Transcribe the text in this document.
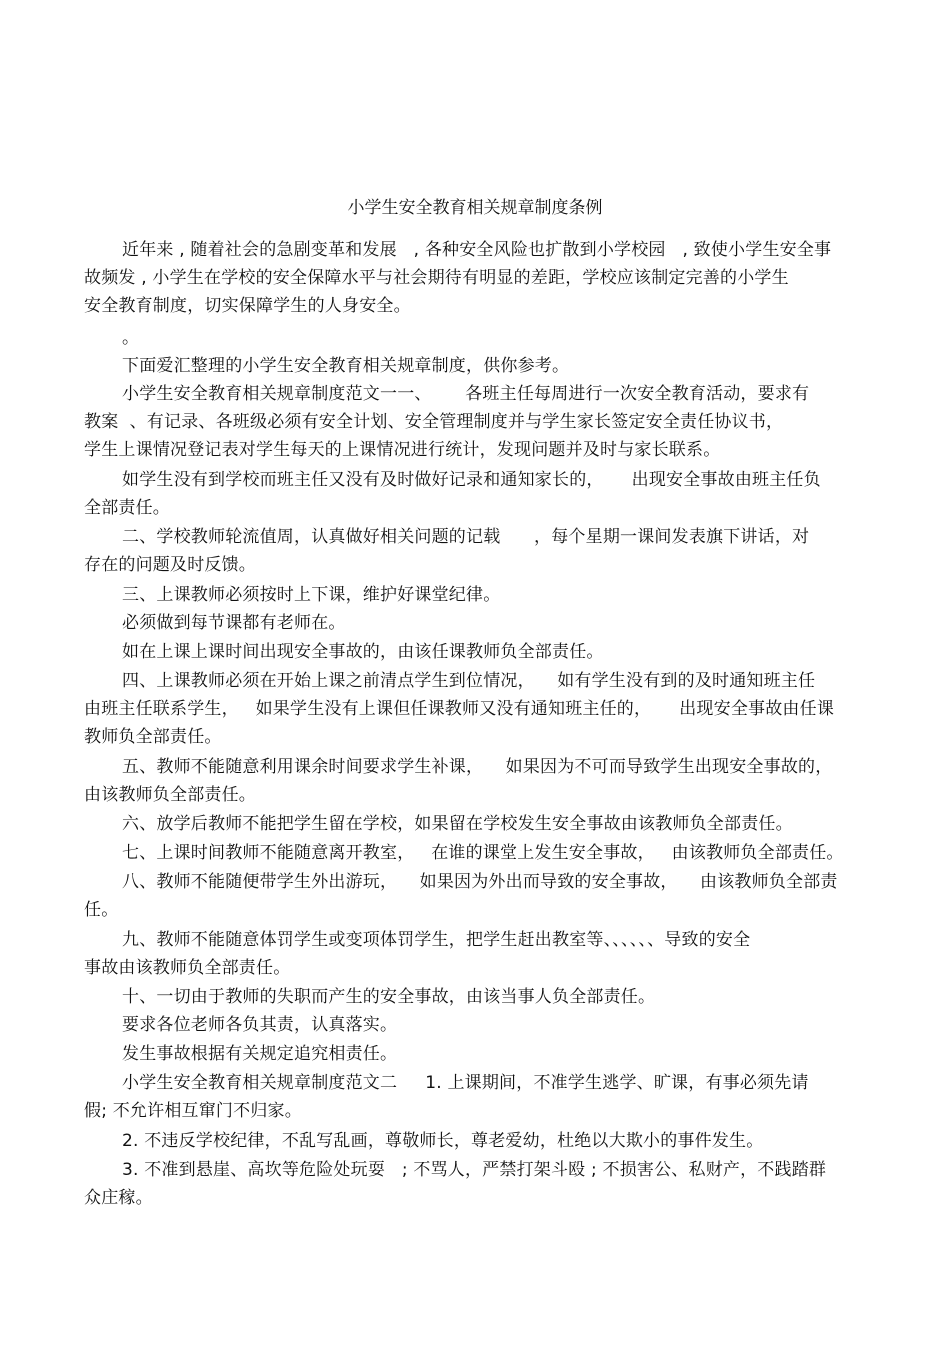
小学生安全教育相关规章制度条例
近年来 , 随着社会的急剧变革和发展   , 各种安全风险也扩散到小学校园   , 致使小学生安全事
故频发 , 小学生在学校的安全保障水平与社会期待有明显的差距，学校应该制定完善的小学生
安全教育制度，切实保障学生的人身安全。
。
下面爱汇整理的小学生安全教育相关规章制度，供你参考。
小学生安全教育相关规章制度范文一一、      各班主任每周进行一次安全教育活动，要求有
教案  、有记录、各班级必须有安全计划、安全管理制度并与学生家长签定安全责任协议书，
学生上课情况登记表对学生每天的上课情况进行统计，发现问题并及时与家长联系。
如学生没有到学校而班主任又没有及时做好记录和通知家长的，     出现安全事故由班主任负
全部责任。
二、学校教师轮流值周，认真做好相关问题的记载      ，每个星期一课间发表旗下讲话，对
存在的问题及时反馈。
三、上课教师必须按时上下课，维护好课堂纪律。
必须做到每节课都有老师在。
如在上课上课时间出现安全事故的，由该任课教师负全部责任。
四、上课教师必须在开始上课之前清点学生到位情况，    如有学生没有到的及时通知班主任
由班主任联系学生，   如果学生没有上课但任课教师又没有通知班主任的，     出现安全事故由任课
教师负全部责任。
五、教师不能随意利用课余时间要求学生补课，    如果因为不可而导致学生出现安全事故的，
由该教师负全部责任。
六、放学后教师不能把学生留在学校，如果留在学校发生安全事故由该教师负全部责任。
七、上课时间教师不能随意离开教室，   在谁的课堂上发生安全事故，   由该教师负全部责任。
八、教师不能随便带学生外出游玩，    如果因为外出而导致的安全事故，    由该教师负全部责
任。
九、教师不能随意体罚学生或变项体罚学生，把学生赶出教室等、、、、、、导致的安全
事故由该教师负全部责任。
十、一切由于教师的失职而产生的安全事故，由该当事人负全部责任。
要求各位老师各负其责，认真落实。
发生事故根据有关规定追究相责任。
小学生安全教育相关规章制度范文二     1. 上课期间，不准学生逃学、旷课，有事必须先请
假; 不允许相互窜门不归家。
2. 不违反学校纪律，不乱写乱画，尊敬师长，尊老爱幼，杜绝以大欺小的事件发生。
3. 不准到悬崖、高坎等危险处玩耍   ; 不骂人，严禁打架斗殴 ; 不损害公、私财产，不践踏群
众庄稼。
